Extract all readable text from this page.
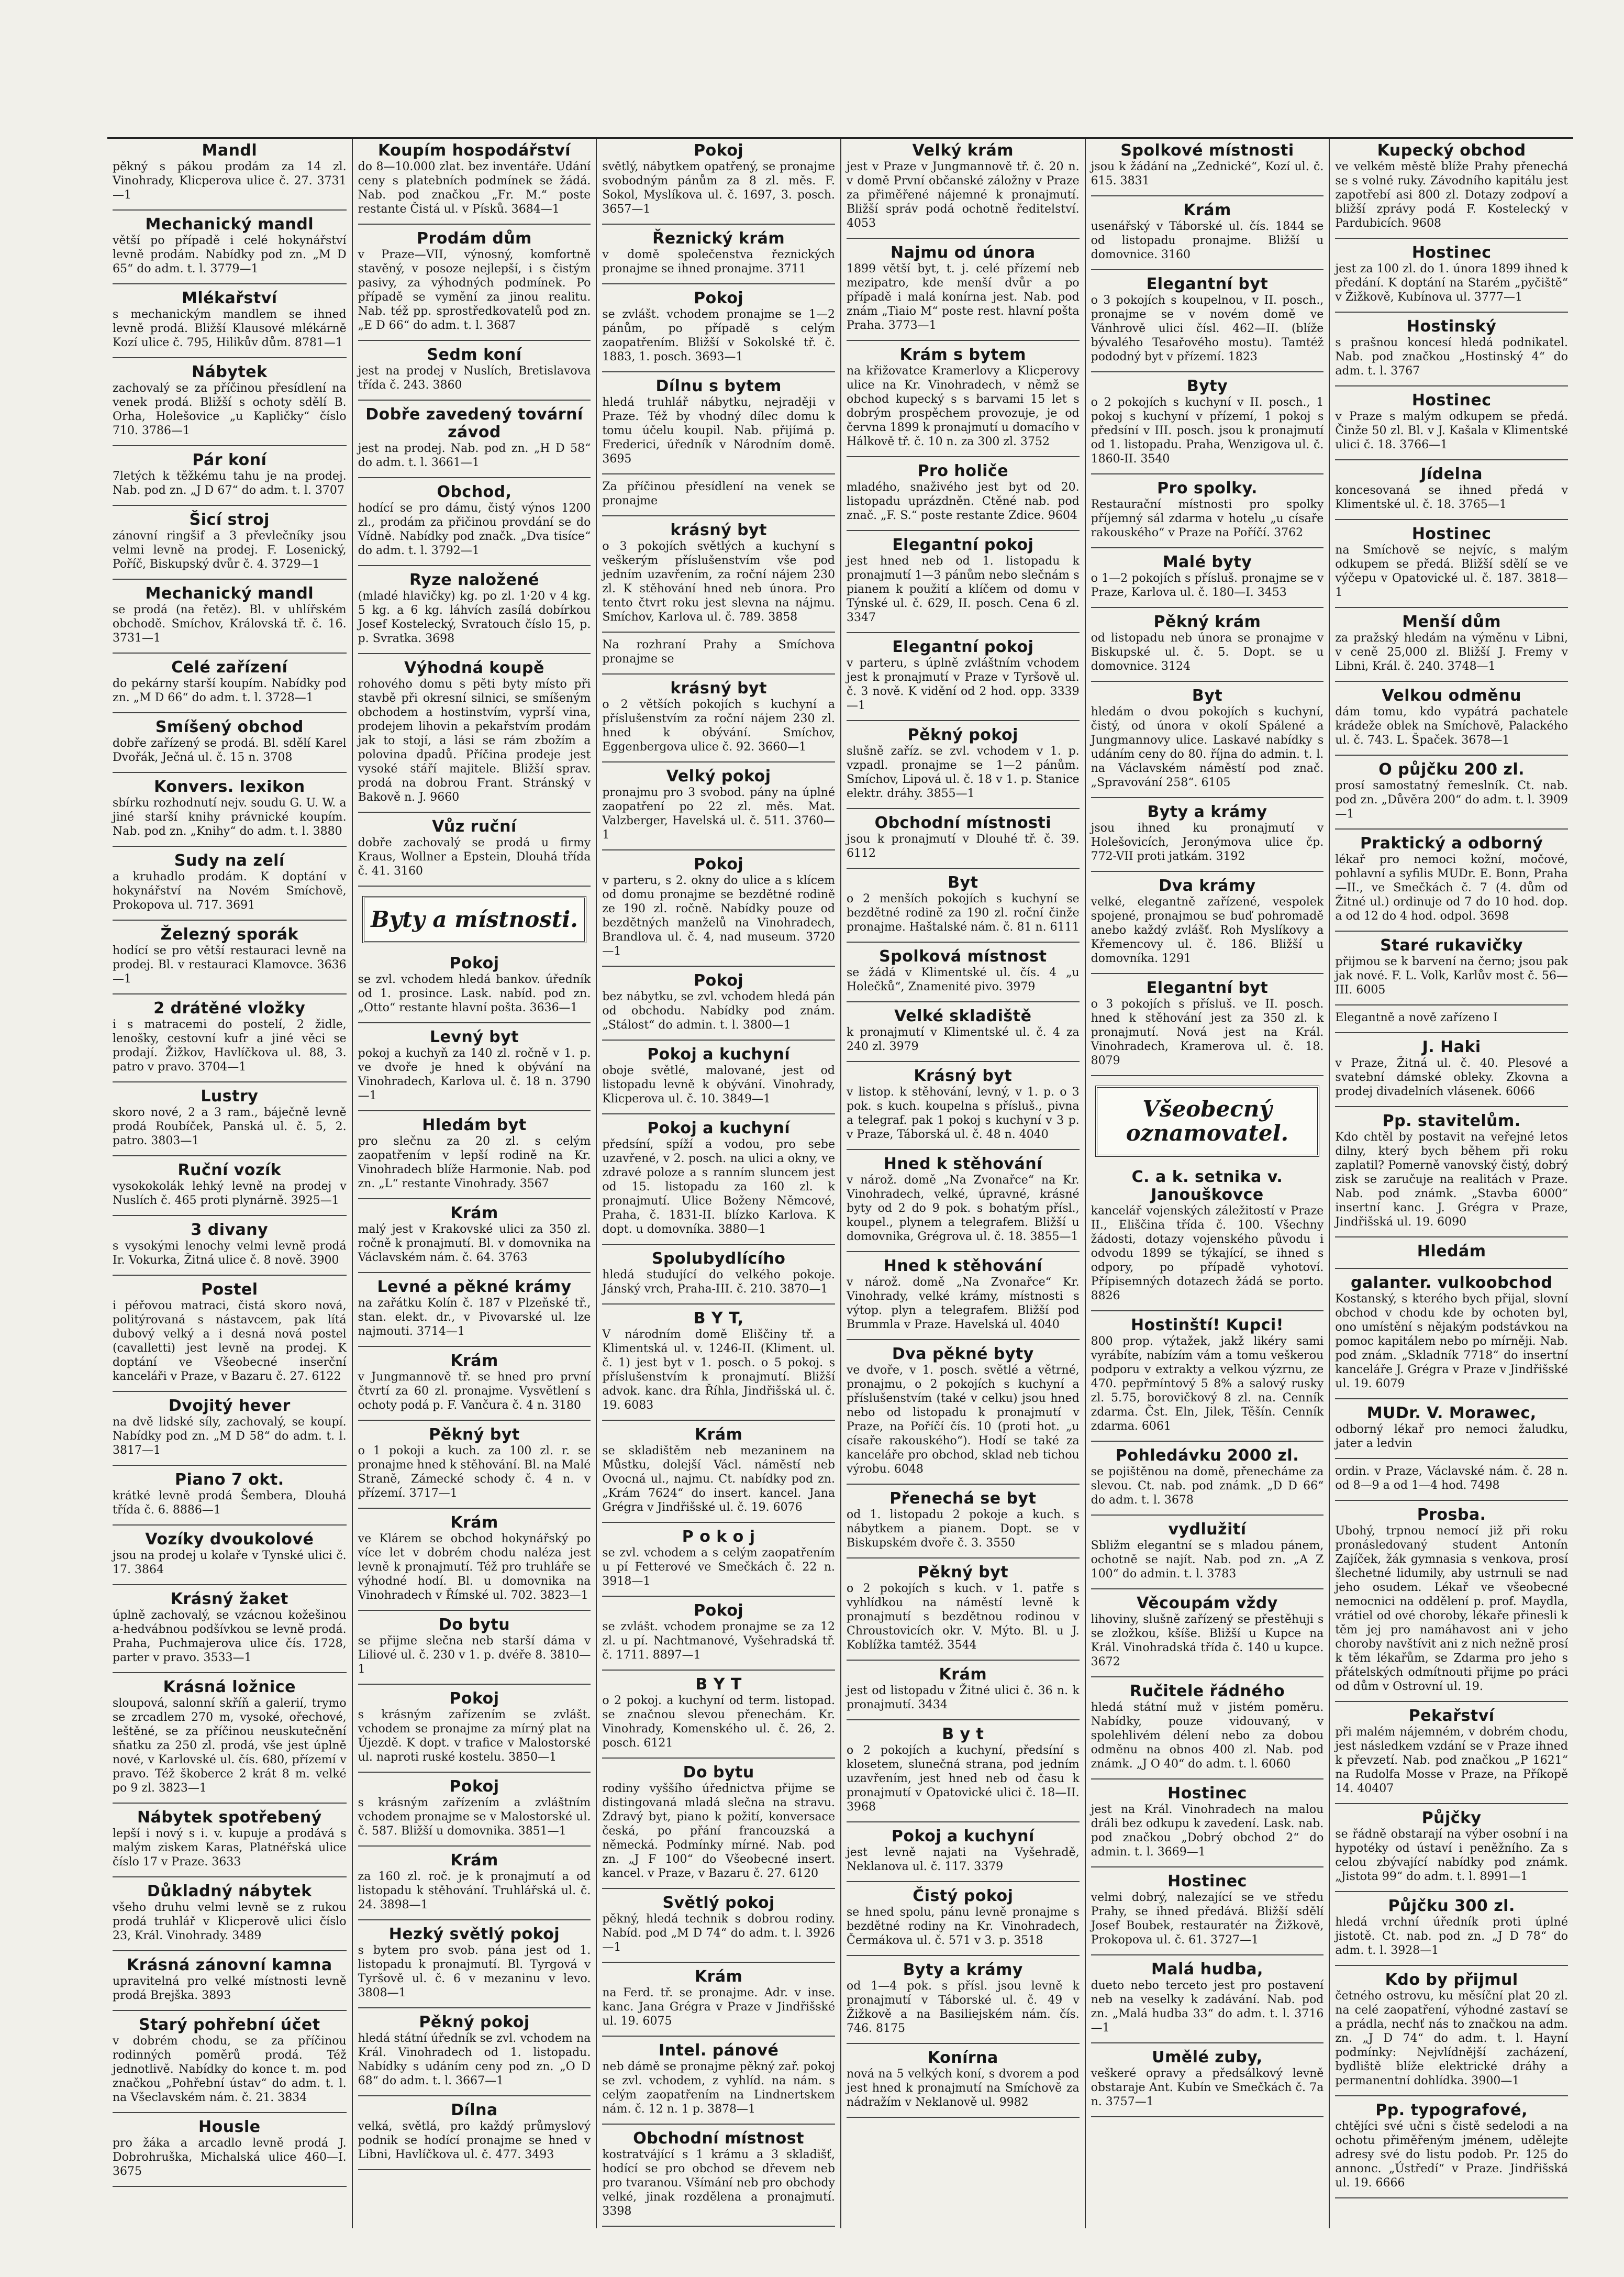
Mandl
pěkný s pákou prodám za 14 zl. Vinohrady, Klicperova ulice č. 27. 3731—1
Mechanický mandl
větší po případě i celé hokynářství levně prodám. Nabídky pod zn. „M D 65“ do adm. t. l. 3779—1
Mlékařství
s mechanickým mandlem se ihned levně prodá. Bližší Klausové mlékárně Kozí ulice č. 795, Hilikův dům. 8781—1
Nábytek
zachovalý se za příčinou přesídlení na venek prodá. Bližší s ochoty sdělí B. Orha, Holešovice „u Kapličky“ číslo 710. 3786—1
Pár koní
7letých k těžkému tahu je na prodej. Nab. pod zn. „J D 67“ do adm. t. l. 3707
Šicí stroj
zánovní ringšif a 3 převlečníky jsou velmi levně na prodej. F. Losenický, Poříč, Biskupský dvůr č. 4. 3729—1
Mechanický mandl
se prodá (na řetěz). Bl. v uhlířském obchodě. Smíchov, Královská tř. č. 16. 3731—1
Celé zařízení
do pekárny starší koupím. Nabídky pod zn. „M D 66“ do adm. t. l. 3728—1
Smíšený obchod
dobře zařízený se prodá. Bl. sdělí Karel Dvořák, Ječná ul. č. 15 n. 3708
Konvers. lexikon
sbírku rozhodnutí nejv. soudu G. U. W. a jiné starší knihy právnické koupím. Nab. pod zn. „Knihy“ do adm. t. l. 3880
Sudy na zelí
a kruhadlo prodám. K doptání v hokynářství na Novém Smíchově, Prokopova ul. 717. 3691
Železný sporák
hodící se pro větší restauraci levně na prodej. Bl. v restauraci Klamovce. 3636—1
2 drátěné vložky
i s matracemi do postelí, 2 židle, lenošky, cestovní kufr a jiné věci se prodají. Žižkov, Havlíčkova ul. 88, 3. patro v pravo. 3704—1
Lustry
skoro nové, 2 a 3 ram., báječně levně prodá Roubíček, Panská ul. č. 5, 2. patro. 3803—1
Ruční vozík
vysokokolák lehký levně na prodej v Nuslích č. 465 proti plynárně. 3925—1
3 divany
s vysokými lenochy velmi levně prodá Ir. Vokurka, Žitná ulice č. 8 nově. 3900
Postel
i péřovou matraci, čistá skoro nová, politýrovaná s nástavcem, pak lítá dubový velký a i desná nová postel (cavalletti) jest levně na prodej. K doptání ve Všeobecné inserční kanceláři v Praze, v Bazaru č. 27. 6122
Dvojitý hever
na dvě lidské síly, zachovalý, se koupí. Nabídky pod zn. „M D 58“ do adm. t. l. 3817—1
Piano 7 okt.
krátké levně prodá Šembera, Dlouhá třída č. 6. 8886—1
Vozíky dvoukolové
jsou na prodej u kolaře v Tynské ulici č. 17. 3864
Krásný žaket
úplně zachovalý, se vzácnou kožešinou a-hedvábnou podšívkou se levně prodá. Praha, Puchmajerova ulice čís. 1728, parter v pravo. 3533—1
Krásná ložnice
sloupová, salonní skříň a galerií, trymo se zrcadlem 270 m, vysoké, ořechové, leštěné, se za příčinou neuskutečnění sňatku za 250 zl. prodá, vše jest úplně nové, v Karlovské ul. čís. 680, přízemí v pravo. Též škoberce 2 krát 8 m. velké po 9 zl. 3823—1
Nábytek spotřebený
lepší i nový s i. v. kupuje a prodává s malým ziskem Karas, Platnéřská ulice číslo 17 v Praze. 3633
Důkladný nábytek
všeho druhu velmi levně se z rukou prodá truhlář v Klicperově ulici číslo 23, Král. Vinohrady. 3489
Krásná zánovní kamna
upravitelná pro velké místnosti levně prodá Brejška. 3893
Starý pohřební účet
v dobrém chodu, se za příčinou rodinných poměrů prodá. Též jednotlivě. Nabídky do konce t. m. pod značkou „Pohřební ústav“ do adm. t. l. na Všeclavském nám. č. 21. 3834
Housle
pro žáka a arcadlo levně prodá J. Dobrohruška, Michalská ulice 460—I. 3675
Koupím hospodářství
do 8—10.000 zlat. bez inventáře. Udání ceny s platebních podmínek se žádá. Nab. pod značkou „Fr. M.“ poste restante Čistá ul. v Písků. 3684—1
Prodám dům
v Praze—VII, výnosný, komfortně stavěný, v posoze nejlepší, i s čistým pasivy, za výhodných podmínek. Po případě se vymění za jinou realitu. Nab. též pp. sprostředkovatelů pod zn. „E D 66“ do adm. t. l. 3687
Sedm koní
jest na prodej v Nuslích, Bretislavova třída č. 243. 3860
Dobře zavedený tovární závod
jest na prodej. Nab. pod zn. „H D 58“ do adm. t. l. 3661—1
Obchod,
hodící se pro dámu, čistý výnos 1200 zl., prodám za přičinou provdání se do Vídně. Nabídky pod značk. „Dva tisíce“ do adm. t. l. 3792—1
Ryze naložené
(mladé hlavičky) kg. po zl. 1·20 v 4 kg. 5 kg. a 6 kg. láhvích zasílá dobírkou Josef Kostelecký, Svratouch číslo 15, p. p. Svratka. 3698
Výhodná koupě
rohového domu s pěti byty místo při stavbě při okresní silnici, se smíšeným obchodem a hostinstvím, vyprší vina, prodejem lihovin a pekařstvím prodám jak to stojí, a lási se rám zbožím a polovina dpadů. Příčina prodeje jest vysoké stáří majitele. Bližší sprav. prodá na dobrou Frant. Stránský v Bakově n. J. 9660
Vůz ruční
dobře zachovalý se prodá u firmy Kraus, Wollner a Epstein, Dlouhá třída č. 41. 3160
Byty a místnosti.
Pokoj
se zvl. vchodem hledá bankov. úředník od 1. prosince. Lask. nabíd. pod zn. „Otto“ restante hlavní pošta. 3636—1
Levný byt
pokoj a kuchyň za 140 zl. ročně v 1. p. ve dvoře je hned k obývání na Vinohradech, Karlova ul. č. 18 n. 3790—1
Hledám byt
pro slečnu za 20 zl. s celým zaopatřením v lepší rodině na Kr. Vinohradech blíže Harmonie. Nab. pod zn. „L“ restante Vinohrady. 3567
Krám
malý jest v Krakovské ulici za 350 zl. ročně k pronajmutí. Bl. v domovnika na Václavském nám. č. 64. 3763
Levné a pěkné krámy
na zařátku Kolín č. 187 v Plzeňské tř., stan. elekt. dr., v Pivovarské ul. lze najmouti. 3714—1
Krám
v Jungmannově tř. se hned pro první čtvrtí za 60 zl. pronajme. Vysvětlení s ochoty podá p. F. Vančura č. 4 n. 3180
Pěkný byt
o 1 pokoji a kuch. za 100 zl. r. se pronajme hned k stěhování. Bl. na Malé Straně, Zámecké schody č. 4 n. v přízemí. 3717—1
Krám
ve Klárem se obchod hokynářský po více let v dobrém chodu naléza jest levně k pronajmutí. Též pro truhláře se výhodné hodí. Bl. u domovnika na Vinohradech v Římské ul. 702. 3823—1
Do bytu
se přijme slečna neb starší dáma v Liliové ul. č. 230 v 1. p. dvéře 8. 3810—1
Pokoj
s krásným zařízením se zvlášt. vchodem se pronajme za mírný plat na Újezdě. K dopt. v trafice v Malostorské ul. naproti ruské kostelu. 3850—1
Pokoj
s krásným zařízením a zvláštním vchodem pronajme se v Malostorské ul. č. 587. Bližší u domovnika. 3851—1
Krám
za 160 zl. roč. je k pronajmutí a od listopadu k stěhování. Truhlářská ul. č. 24. 3898—1
Hezký světlý pokoj
s bytem pro svob. pána jest od 1. listopadu k pronajmutí. Bl. Tyrgová v Tyršově ul. č. 6 v mezaninu v levo. 3808—1
Pěkný pokoj
hledá státní úředník se zvl. vchodem na Král. Vinohradech od 1. listopadu. Nabídky s udáním ceny pod zn. „O D 68“ do adm. t. l. 3667—1
Dílna
velká, světlá, pro každý průmyslový podnik se hodící pronajme se hned v Libni, Havlíčkova ul. č. 477. 3493
Pokoj
světlý, nábytkem opatřený, se pronajme svobodným pánům za 8 zl. měs. F. Sokol, Myslíkova ul. č. 1697, 3. posch. 3657—1
Řeznický krám
v domě společenstva řeznických pronajme se ihned pronajme. 3711
Pokoj
se zvlášt. vchodem pronajme se 1—2 pánům, po případě s celým zaopatřením. Bližší v Sokolské tř. č. 1883, 1. posch. 3693—1
Dílnu s bytem
hledá truhlář nábytku, nejraději v Praze. Též by vhodný dílec domu k tomu účelu koupil. Nab. přijímá p. Frederici, úředník v Národním domě. 3695
Za příčinou přesídlení na venek se pronajme
krásný byt
o 3 pokojích světlých a kuchyní s veškerým příslušenstvím vše pod jedním uzavřením, za roční nájem 230 zl. K stěhování hned neb února. Pro tento čtvrt roku jest slevna na nájmu. Smíchov, Karlova ul. č. 789. 3858
Na rozhraní Prahy a Smíchova pronajme se
krásný byt
o 2 větších pokojích s kuchyní a příslušenstvím za roční nájem 230 zl. hned k obývání. Smíchov, Eggenbergova ulice č. 92. 3660—1
Velký pokoj
pronajmu pro 3 svobod. pány na úplné zaopatření po 22 zl. měs. Mat. Valzberger, Havelská ul. č. 511. 3760—1
Pokoj
v parteru, s 2. okny do ulice a s klícem od domu pronajme se bezdětné rodině ze 190 zl. ročně. Nabídky pouze od bezdětných manželů na Vinohradech, Brandlova ul. č. 4, nad museum. 3720—1
Pokoj
bez nábytku, se zvl. vchodem hledá pán od obchodu. Nabídky pod znám. „Stálost“ do admin. t. l. 3800—1
Pokoj a kuchyní
oboje světlé, malované, jest od listopadu levně k obývání. Vinohrady, Klicperova ul. č. 10. 3849—1
Pokoj a kuchyní
předsíní, spíží a vodou, pro sebe uzavřené, v 2. posch. na ulici a okny, ve zdravé poloze a s ranním sluncem jest od 15. listopadu za 160 zl. k pronajmutí. Ulice Boženy Němcové, Praha, č. 1831-II. blízko Karlova. K dopt. u domovníka. 3880—1
Spolubydlícího
hledá studující do velkého pokoje. Jánský vrch, Praha-III. č. 210. 3870—1
B Y T,
V národním domě Eliščiny tř. a Klimentská ul. v. 1246-II. (Kliment. ul. č. 1) jest byt v 1. posch. o 5 pokoj. s příslušenstvím k pronajmutí. Bližší advok. kanc. dra Říhla, Jindřišská ul. č. 19. 6083
Krám
se skladištěm neb mezaninem na Můstku, dolejší Václ. náměstí neb Ovocná ul., najmu. Ct. nabídky pod zn. „Krám 7624“ do insert. kancel. Jana Grégra v Jindřišské ul. č. 19. 6076
P o k o j
se zvl. vchodem a s celým zaopatřením u pí Fetterové ve Smečkách č. 22 n. 3918—1
Pokoj
se zvlášt. vchodem pronajme se za 12 zl. u pí. Nachtmanové, Vyšehradská tř. č. 1711. 8897—1
B Y T
o 2 pokoj. a kuchyní od term. listopad. se značnou slevou přenechám. Kr. Vinohrady, Komenského ul. č. 26, 2. posch. 6121
Do bytu
rodiny vyššího úřednictva přijme se distingovaná mladá slečna na stravu. Zdravý byt, piano k požití, konversace česká, po přání francouzská a německá. Podmínky mírné. Nab. pod zn. „J F 100“ do Všeobecné insert. kancel. v Praze, v Bazaru č. 27. 6120
Světlý pokoj
pěkný, hledá technik s dobrou rodiny. Nabíd. pod „M D 74“ do adm. t. l. 3926—1
Krám
na Ferd. tř. se pronajme. Adr. v inse. kanc. Jana Grégra v Praze v Jindřišské ul. 19. 6075
Intel. pánové
neb dámě se pronajme pěkný zař. pokoj se zvl. vchodem, z vyhlíd. na nám. s celým zaopatřením na Lindnertskem nám. č. 12 n. 1 p. 3878—1
Obchodní místnost
kostratvájící s 1 krámu a 3 skladišť, hodící se pro obchod se dřevem neb pro tvaranou. Všímání neb pro obchody velké, jinak rozdělena a pronajmutí. 3398
Velký krám
jest v Praze v Jungmannově tř. č. 20 n. v domě První občanské záložny v Praze za přiměřené nájemné k pronajmutí. Bližší správ podá ochotně ředitelství. 4053
Najmu od února
1899 větší byt, t. j. celé přízemí neb mezipatro, kde menší dvůr a po případě i malá konírna jest. Nab. pod znám „Tiaio M“ poste rest. hlavní pošta Praha. 3773—1
Krám s bytem
na křižovatce Kramerlovy a Klicperovy ulice na Kr. Vinohradech, v němž se obchod kupecký s s barvami 15 let s dobrým prospěchem provozuje, je od června 1899 k pronajmutí u domacího v Hálkově tř. č. 10 n. za 300 zl. 3752
Pro holiče
mladého, snaživého jest byt od 20. listopadu uprázdněn. Ctěné nab. pod znač. „F. S.“ poste restante Zdice. 9604
Elegantní pokoj
jest hned neb od 1. listopadu k pronajmutí 1—3 pánům nebo slečnám s pianem k použití a klíčem od domu v Týnské ul. č. 629, II. posch. Cena 6 zl. 3347
Elegantní pokoj
v parteru, s úplně zvláštním vchodem jest k pronajmutí v Praze v Tyršově ul. č. 3 nově. K vidění od 2 hod. opp. 3339—1
Pěkný pokoj
slušně zaříz. se zvl. vchodem v 1. p. vzpadl. pronajme se 1—2 pánům. Smíchov, Lipová ul. č. 18 v 1. p. Stanice elektr. dráhy. 3855—1
Obchodní místnosti
jsou k pronajmutí v Dlouhé tř. č. 39. 6112
Byt
o 2 menších pokojích s kuchyní se bezdětné rodině za 190 zl. roční činže pronajme. Haštalské nám. č. 81 n. 6111
Spolková místnost
se žádá v Klimentské ul. čís. 4 „u Holečků“, Znamenité pivo. 3979
Velké skladiště
k pronajmutí v Klimentské ul. č. 4 za 240 zl. 3979
Krásný byt
v listop. k stěhování, levný, v 1. p. o 3 pok. s kuch. koupelna s přísluš., pivna a telegraf. pak 1 pokoj s kuchyní v 3 p. v Praze, Táborská ul. č. 48 n. 4040
Hned k stěhování
v nárož. domě „Na Zvonařce“ na Kr. Vinohradech, velké, úpravné, krásné byty od 2 do 9 pok. s bohatým přísl., koupel., plynem a telegrafem. Bližší u domovnika, Grégrova ul. č. 18. 3855—1
Hned k stěhování
v nárož. domě „Na Zvonařce“ Kr. Vinohrady, velké krámy, místnosti s výtop. plyn a telegrafem. Bližší pod Brummla v Praze. Havelská ul. 4040
Dva pěkné byty
ve dvoře, v 1. posch. světlé a větrné, pronajmu, o 2 pokojích s kuchyní a příslušenstvím (také v celku) jsou hned nebo od listopadu k pronajmutí v Praze, na Poříčí čís. 10 (proti hot. „u císaře rakouského“). Hodí se také za kanceláře pro obchod, sklad neb tichou výrobu. 6048
Přenechá se byt
od 1. listopadu 2 pokoje a kuch. s nábytkem a pianem. Dopt. se v Biskupském dvoře č. 3. 3550
Pěkný byt
o 2 pokojích s kuch. v 1. patře s vyhlídkou na náměstí levně k pronajmutí s bezdětnou rodinou v Chroustovicích okr. V. Mýto. Bl. u J. Koblížka tamtéž. 3544
Krám
jest od listopadu v Žitné ulici č. 36 n. k pronajmutí. 3434
B y t
o 2 pokojích a kuchyní, předsíní s klosetem, slunečná strana, pod jedním uzavřením, jest hned neb od času k pronajmutí v Opatovické ulici č. 18—II. 3968
Pokoj a kuchyní
jest levně najati na Vyšehradě, Neklanova ul. č. 117. 3379
Čistý pokoj
se hned spolu, pánu levně pronajme s bezdětné rodiny na Kr. Vinohradech, Čermákova ul. č. 571 v 3. p. 3518
Byty a krámy
od 1—4 pok. s přísl. jsou levně k pronajmutí v Táborské ul. č. 49 v Žižkově a na Basiliejském nám. čís. 746. 8175
Konírna
nová na 5 velkých koní, s dvorem a pod jest hned k pronajmutí na Smíchově za nádražím v Neklanově ul. 9982
Spolkové místnosti
jsou k žádání na „Zednické“, Kozí ul. č. 615. 3831
Krám
usenářský v Táborské ul. čís. 1844 se od listopadu pronajme. Bližší u domovnice. 3160
Elegantní byt
o 3 pokojích s koupelnou, v II. posch., pronajme se v novém domě ve Vánhrově ulici čísl. 462—II. (blíže bývalého Tesařového mostu). Tamtéž pododný byt v přízemí. 1823
Byty
o 2 pokojích s kuchyní v II. posch., 1 pokoj s kuchyní v přízemí, 1 pokoj s předsíní v III. posch. jsou k pronajmutí od 1. listopadu. Praha, Wenzigova ul. č. 1860-II. 3540
Pro spolky.
Restaurační místnosti pro spolky příjemný sál zdarma v hotelu „u císaře rakouského“ v Praze na Poříčí. 3762
Malé byty
o 1—2 pokojích s přísluš. pronajme se v Praze, Karlova ul. č. 180—I. 3453
Pěkný krám
od listopadu neb února se pronajme v Biskupské ul. č. 5. Dopt. se u domovnice. 3124
Byt
hledám o dvou pokojích s kuchyní, čistý, od února v okolí Spálené a Jungmannovy ulice. Laskavé nabídky s udáním ceny do 80. října do admin. t. l. na Václavském náměstí pod znač. „Spravování 258“. 6105
Byty a krámy
jsou ihned ku pronajmutí v Holešovicích, Jeronýmova ulice čp. 772-VII proti jatkám. 3192
Dva krámy
velké, elegantně zařízené, vespolek spojené, pronajmou se buď pohromadě anebo každý zvlášť. Roh Myslíkovy a Křemencovy ul. č. 186. Bližší u domovníka. 1291
Elegantní byt
o 3 pokojích s přísluš. ve II. posch. hned k stěhování jest za 350 zl. k pronajmutí. Nová jest na Král. Vinohradech, Kramerova ul. č. 18. 8079
Všeobecný oznamovatel.
C. a k. setnika v. Janouškovce
kancelář vojenských záležitostí v Praze II., Eliščina třída č. 100. Všechny žádosti, dotazy vojenského původu i odvodu 1899 se týkající, se ihned s odpory, po případě vyhotoví. Přípisemných dotazech žádá se porto. 8826
Hostinští! Kupci!
800 prop. výtažek, jakž likéry sami vyrábíte, nabízím vám a tomu veškerou podporu v extrakty a velkou výzrnu, ze 470. pepřmíntový 5 8% a salový rusky zl. 5.75, borovičkový 8 zl. na. Cenník zdarma. Čst. Eln, Jilek, Těšín. Cenník zdarma. 6061
Pohledávku 2000 zl.
se pojištěnou na domě, přenecháme za slevou. Ct. nab. pod známk. „D D 66“ do adm. t. l. 3678
vydlužití
Sbližm elegantní se s mladou pánem, ochotně se najít. Nab. pod zn. „A Z 100“ do admin. t. l. 3783
Věcoupám vždy
lihoviny, slušně zařízený se přestěhuji s se zložkou, kšíše. Bližší u Kupce na Král. Vinohradská třída č. 140 u kupce. 3672
Ručitele řádného
hledá státní muž v jistém poměru. Nabídky, pouze vidouvaný, v spolehlivém délení nebo za dobou odměnu na obnos 400 zl. Nab. pod známk. „J O 40“ do adm. t. l. 6060
Hostinec
jest na Král. Vinohradech na malou dráli bez odkupu k zavedení. Lask. nab. pod značkou „Dobrý obchod 2“ do admin. t. l. 3669—1
Hostinec
velmi dobrý, nalezající se ve středu Prahy, se ihned předává. Bližší sdělí Josef Boubek, restauratér na Žižkově, Prokopova ul. č. 61. 3727—1
Malá hudba,
dueto nebo terceto jest pro postavení neb na veselky k zadávání. Nab. pod zn. „Malá hudba 33“ do adm. t. l. 3716—1
Umělé zuby,
veškeré opravy a předsálkový levně obstaraje Ant. Kubín ve Smečkách č. 7a n. 3757—1
Kupecký obchod
ve velkém městě blíže Prahy přenechá se s volné ruky. Závodního kapitálu jest zapotřebí asi 800 zl. Dotazy zodpoví a bližší zprávy podá F. Kostelecký v Pardubicích. 9608
Hostinec
jest za 100 zl. do 1. února 1899 ihned k předání. K doptání na Starém „pyčiště“ v Žižkově, Kubínova ul. 3777—1
Hostinský
s prašnou koncesí hledá podnikatel. Nab. pod značkou „Hostinský 4“ do adm. t. l. 3767
Hostinec
v Praze s malým odkupem se předá. Činže 50 zl. Bl. v J. Kašala v Klimentské ulici č. 18. 3766—1
Jídelna
koncesovaná se ihned předá v Klimentské ul. č. 18. 3765—1
Hostinec
na Smíchově se nejvíc, s malým odkupem se předá. Bližší sdělí se ve výčepu v Opatovické ul. č. 187. 3818—1
Menší dům
za pražský hledám na výměnu v Libni, v ceně 25,000 zl. Bližší J. Fremy v Libni, Král. č. 240. 3748—1
Velkou odměnu
dám tomu, kdo vypátrá pachatele krádeže oblek na Smíchově, Palackého ul. č. 743. L. Špaček. 3678—1
O půjčku 200 zl.
prosí samostatný řemeslník. Ct. nab. pod zn. „Důvěra 200“ do adm. t. l. 3909—1
Praktický a odborný
lékař pro nemoci kožní, močové, pohlavní a syfilis MUDr. E. Bonn, Praha—II., ve Smečkách č. 7 (4. dům od Žitné ul.) ordinuje od 7 do 10 hod. dop. a od 12 do 4 hod. odpol. 3698
Staré rukavičky
přijmou se k barvení na černo; jsou pak jak nové. F. L. Volk, Karlův most č. 56—III. 6005
Elegantně a nově zařízeno I
J. Haki
v Praze, Žitná ul. č. 40. Plesové a svatební dámské obleky. Zkovna a prodej divadelních vlásenek. 6066
Pp. stavitelům.
Kdo chtěl by postavit na veřejné letos dilny, který bych během při roku zaplatil? Pomerně vanovský čistý, dobrý zisk se zaručuje na realitách v Praze. Nab. pod známk. „Stavba 6000“ insertní kanc. J. Grégra v Praze, Jindřišská ul. 19. 6090
Hledám
galanter. vulkoobchod
Kostanský, s kterého bych přijal, slovní obchod v chodu kde by ochoten byl, ono umístění s nějakým podstávkou na pomoc kapitálem nebo po mírněji. Nab. pod znám. „Skladník 7718“ do insertní kanceláře J. Grégra v Praze v Jindřišské ul. 19. 6079
MUDr. V. Morawec,
odborný lékař pro nemoci žaludku, jater a ledvin
ordin. v Praze, Václavské nám. č. 28 n. od 8—9 a od 1—4 hod. 7498
Prosba.
Ubohý, trpnou nemocí již při roku pronásledovaný student Antonín Zajíček, žák gymnasia s venkova, prosí šlechetné lidumily, aby ustrnuli se nad jeho osudem. Lékař ve všeobecné nemocnici na oddělení p. prof. Maydla, vrátiel od ové choroby, lékaře přinesli k těm jej pro namáhavost ani v jeho choroby navštívit ani z nich nežně prosí k těm lékařům, se Zdarma pro jeho s přátelských odmítnouti přijme po práci od dům v Ostrovní ul. 19.
Pekařství
při malém nájemném, v dobrém chodu, jest následkem vzdání se v Praze ihned k převzetí. Nab. pod značkou „P 1621“ na Rudolfa Mosse v Praze, na Příkopě 14. 40407
Půjčky
se řádně obstarají na výber osobní i na hypotéky od ústaví i peněžního. Za s celou zbývající nabídky pod známk. „Jistota 99“ do adm. t. l. 8991—1
Půjčku 300 zl.
hledá vrchní úředník proti úplné jistotě. Ct. nab. pod zn. „J D 78“ do adm. t. l. 3928—1
Kdo by přijmul
četného ostrovu, ku měsíční plat 20 zl. na celé zaopatření, výhodné zastaví se a prádla, nechť nás to značkou na adm. zn. „J D 74“ do adm. t. l. Hayní podmínky: Nejvlídnější zacházení, bydliště blíže elektrické dráhy a permanentní dohlídka. 3900—1
Pp. typografové,
chtějíci své učni s čistě sedelodi a na ochotu přiměřeným jménem, udělejte adresy své do listu podob. Pr. 125 do annonc. „Ústředí“ v Praze. Jindřišská ul. 19. 6666
